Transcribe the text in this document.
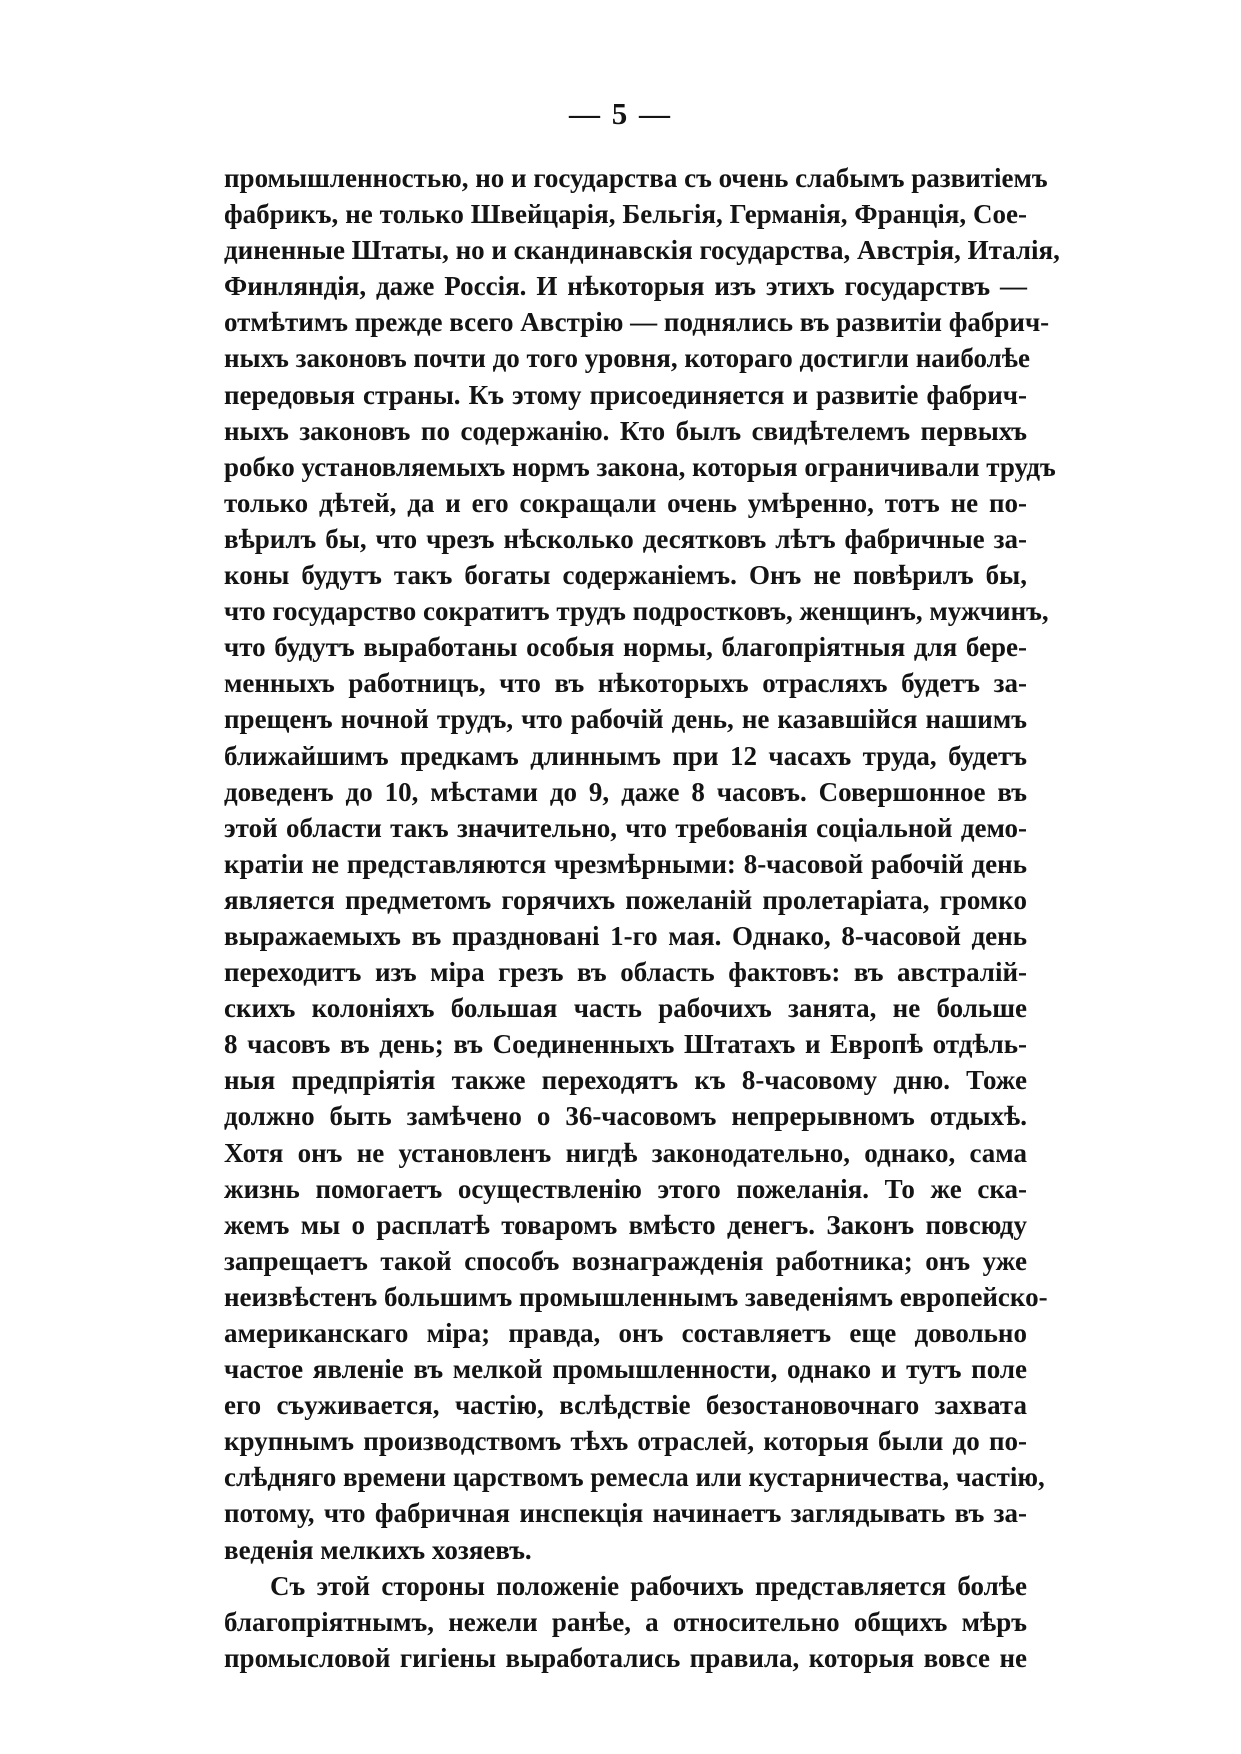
— 5 —
промышленностью, но и государства съ очень слабымъ развитіемъ
фабрикъ, не только Швейцарія, Бельгія, Германія, Франція, Сое-
диненные Штаты, но и скандинавскія государства, Австрія, Италія,
Финляндія, даже Россія. И нѣкоторыя изъ этихъ государствъ —
отмѣтимъ прежде всего Австрію — поднялись въ развитіи фабрич-
ныхъ законовъ почти до того уровня, котораго достигли наиболѣе
передовыя страны. Къ этому присоединяется и развитіе фабрич-
ныхъ законовъ по содержанію. Кто былъ свидѣтелемъ первыхъ
робко установляемыхъ нормъ закона, которыя ограничивали трудъ
только дѣтей, да и его сокращали очень умѣренно, тотъ не по-
вѣрилъ бы, что чрезъ нѣсколько десятковъ лѣтъ фабричные за-
коны будутъ такъ богаты содержаніемъ. Онъ не повѣрилъ бы,
что государство сократитъ трудъ подростковъ, женщинъ, мужчинъ,
что будутъ выработаны особыя нормы, благопріятныя для бере-
менныхъ работницъ, что въ нѣкоторыхъ отрасляхъ будетъ за-
прещенъ ночной трудъ, что рабочій день, не казавшійся нашимъ
ближайшимъ предкамъ длиннымъ при 12 часахъ труда, будетъ
доведенъ до 10, мѣстами до 9, даже 8 часовъ. Совершонное въ
этой области такъ значительно, что требованія соціальной демо-
кратіи не представляются чрезмѣрными: 8-часовой рабочій день
является предметомъ горячихъ пожеланій пролетаріата, громко
выражаемыхъ въ праздновані 1-го мая. Однако, 8-часовой день
переходитъ изъ міра грезъ въ область фактовъ: въ австралій-
скихъ колоніяхъ большая часть рабочихъ занята, не больше
8 часовъ въ день; въ Соединенныхъ Штатахъ и Европѣ отдѣль-
ныя предпріятія также переходятъ къ 8-часовому дню. Тоже
должно быть замѣчено о 36-часовомъ непрерывномъ отдыхѣ.
Хотя онъ не установленъ нигдѣ законодательно, однако, сама
жизнь помогаетъ осуществленію этого пожеланія. То же ска-
жемъ мы о расплатѣ товаромъ вмѣсто денегъ. Законъ повсюду
запрещаетъ такой способъ вознагражденія работника; онъ уже
неизвѣстенъ большимъ промышленнымъ заведеніямъ европейско-
американскаго міра; правда, онъ составляетъ еще довольно
частое явленіе въ мелкой промышленности, однако и тутъ поле
его съуживается, частію, вслѣдствіе безостановочнаго захвата
крупнымъ производствомъ тѣхъ отраслей, которыя были до по-
слѣдняго времени царствомъ ремесла или кустарничества, частію,
потому, что фабричная инспекція начинаетъ заглядывать въ за-
веденія мелкихъ хозяевъ.
Съ этой стороны положеніе рабочихъ представляется болѣе
благопріятнымъ, нежели ранѣе, а относительно общихъ мѣръ
промысловой гигіены выработались правила, которыя вовсе не
